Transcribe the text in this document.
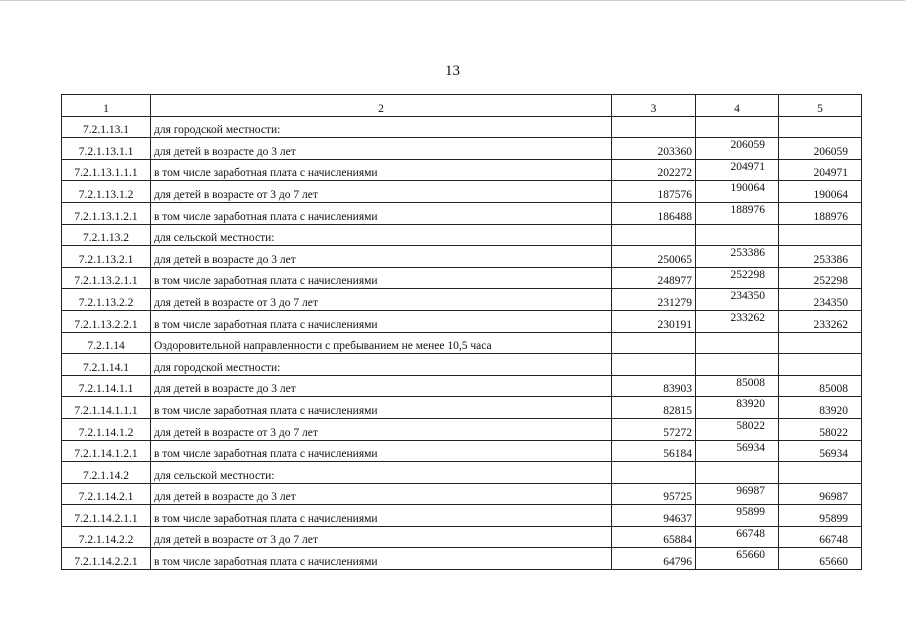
13
1	2	3	4	5
7.2.1.13.1	для городской местности:			
7.2.1.13.1.1	для детей в возрасте до 3 лет	203360	206059	206059
7.2.1.13.1.1.1	в том числе заработная плата с начислениями	202272	204971	204971
7.2.1.13.1.2	для детей в возрасте от 3 до 7 лет	187576	190064	190064
7.2.1.13.1.2.1	в том числе заработная плата с начислениями	186488	188976	188976
7.2.1.13.2	для сельской местности:			
7.2.1.13.2.1	для детей в возрасте до 3 лет	250065	253386	253386
7.2.1.13.2.1.1	в том числе заработная плата с начислениями	248977	252298	252298
7.2.1.13.2.2	для детей в возрасте от 3 до 7 лет	231279	234350	234350
7.2.1.13.2.2.1	в том числе заработная плата с начислениями	230191	233262	233262
7.2.1.14	Оздоровительной направленности с пребыванием не менее 10,5 часа			
7.2.1.14.1	для городской местности:			
7.2.1.14.1.1	для детей в возрасте до 3 лет	83903	85008	85008
7.2.1.14.1.1.1	в том числе заработная плата с начислениями	82815	83920	83920
7.2.1.14.1.2	для детей в возрасте от 3 до 7 лет	57272	58022	58022
7.2.1.14.1.2.1	в том числе заработная плата с начислениями	56184	56934	56934
7.2.1.14.2	для сельской местности:			
7.2.1.14.2.1	для детей в возрасте до 3 лет	95725	96987	96987
7.2.1.14.2.1.1	в том числе заработная плата с начислениями	94637	95899	95899
7.2.1.14.2.2	для детей в возрасте от 3 до 7 лет	65884	66748	66748
7.2.1.14.2.2.1	в том числе заработная плата с начислениями	64796	65660	65660
